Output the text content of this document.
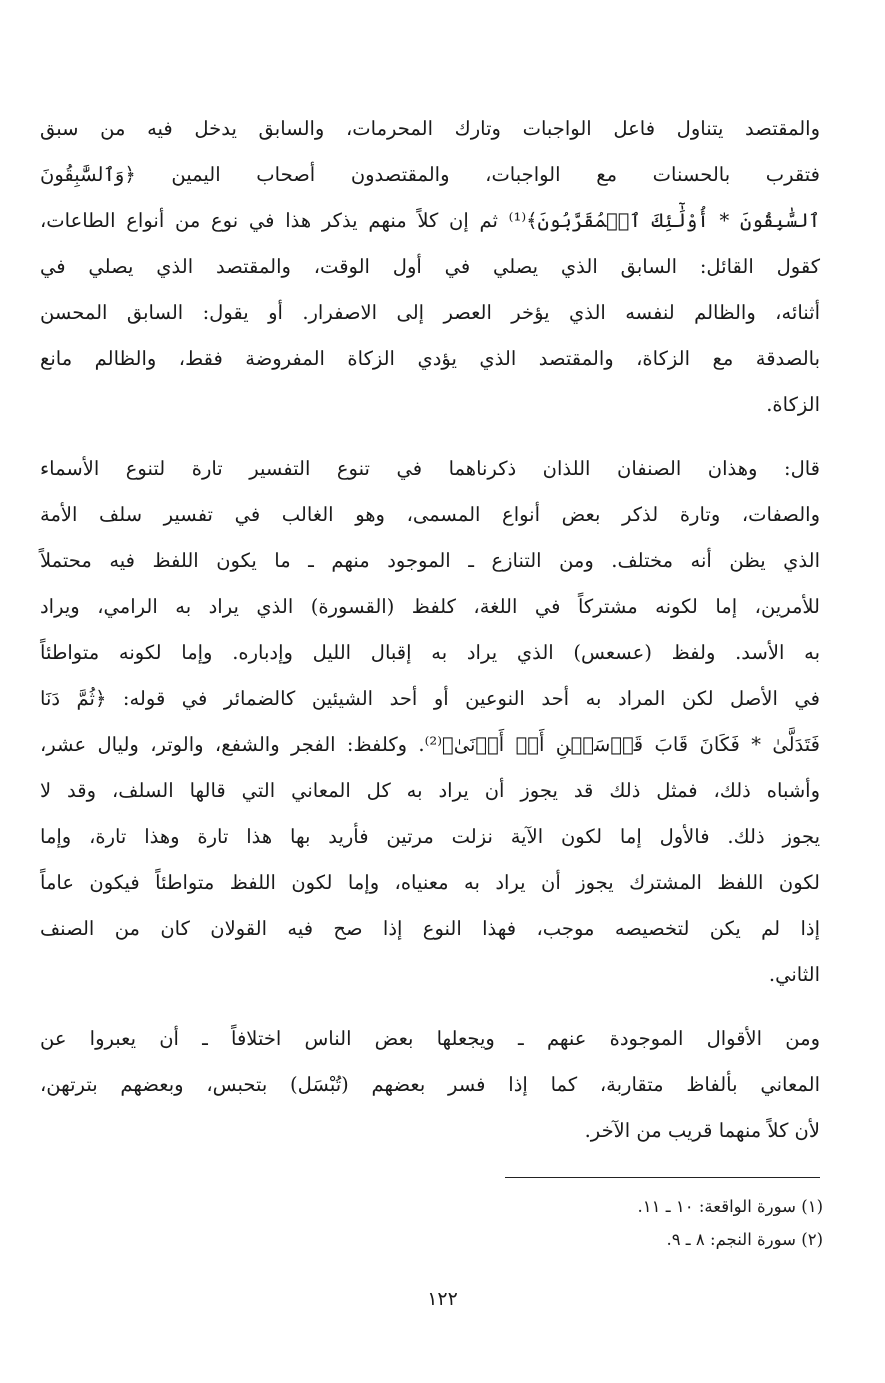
والمقتصد يتناول فاعل الواجبات وتارك المحرمات، والسابق يدخل فيه من سبق
فتقرب بالحسنات مع الواجبات، والمقتصدون أصحاب اليمين ﴿وَٱلسَّٰبِقُونَ
ٱلسَّٰبِقُونَ * أُوْلَٰٓئِكَ ٱلۡمُقَرَّبُونَ﴾⁽¹⁾ ثم إن كلاً منهم يذكر هذا في نوع من أنواع الطاعات،
كقول القائل: السابق الذي يصلي في أول الوقت، والمقتصد الذي يصلي في
أثنائه، والظالم لنفسه الذي يؤخر العصر إلى الاصفرار. أو يقول: السابق المحسن
بالصدقة مع الزكاة، والمقتصد الذي يؤدي الزكاة المفروضة فقط، والظالم مانع
الزكاة.

قال: وهذان الصنفان اللذان ذكرناهما في تنوع التفسير تارة لتنوع الأسماء
والصفات، وتارة لذكر بعض أنواع المسمى، وهو الغالب في تفسير سلف الأمة
الذي يظن أنه مختلف. ومن التنازع ـ الموجود منهم ـ ما يكون اللفظ فيه محتملاً
للأمرين، إما لكونه مشتركاً في اللغة، كلفظ (القسورة) الذي يراد به الرامي، ويراد
به الأسد. ولفظ (عسعس) الذي يراد به إقبال الليل وإدباره. وإما لكونه متواطئاً
في الأصل لكن المراد به أحد النوعين أو أحد الشيئين كالضمائر في قوله: ﴿ثُمَّ دَنَا
فَتَدَلَّىٰ * فَكَانَ قَابَ قَوۡسَيۡنِ أَوۡ أَدۡنَىٰ﴾⁽²⁾. وكلفظ: الفجر والشفع، والوتر، وليال عشر،
وأشباه ذلك، فمثل ذلك قد يجوز أن يراد به كل المعاني التي قالها السلف، وقد لا
يجوز ذلك. فالأول إما لكون الآية نزلت مرتين فأريد بها هذا تارة وهذا تارة، وإما
لكون اللفظ المشترك يجوز أن يراد به معنياه، وإما لكون اللفظ متواطئاً فيكون عاماً
إذا لم يكن لتخصيصه موجب، فهذا النوع إذا صح فيه القولان كان من الصنف
الثاني.

ومن الأقوال الموجودة عنهم ـ ويجعلها بعض الناس اختلافاً ـ أن يعبروا عن
المعاني بألفاظ متقاربة، كما إذا فسر بعضهم (تُبْسَل) بتحبس، وبعضهم بترتهن،
لأن كلاً منهما قريب من الآخر.

(١) سورة الواقعة: ١٠ ـ ١١.
(٢) سورة النجم: ٨ ـ ٩.
١٢٢
